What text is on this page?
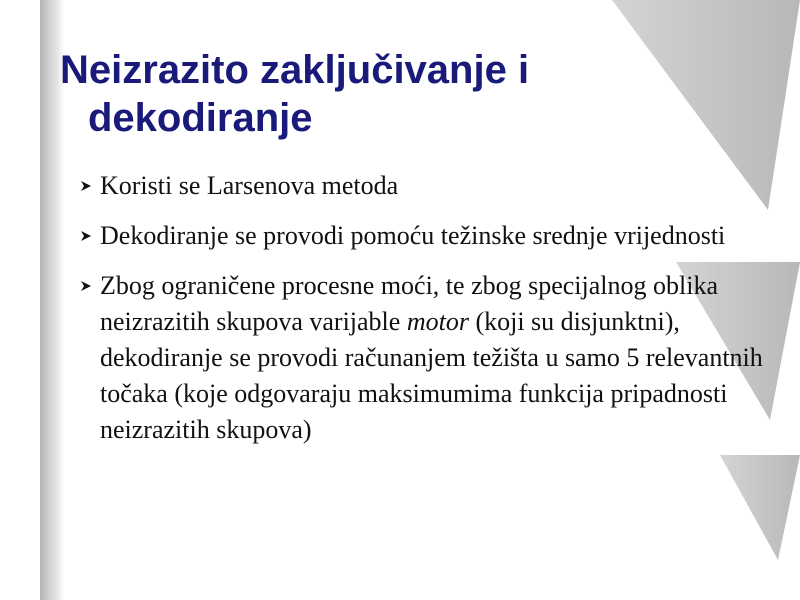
Neizrazito zaključivanje i
dekodiranje
Koristi se Larsenova metoda
Dekodiranje se provodi pomoću težinske srednje vrijednosti
Zbog ograničene procesne moći, te zbog specijalnog oblika neizrazitih skupova varijable motor (koji su disjunktni), dekodiranje se provodi računanjem težišta u samo 5 relevantnih točaka (koje odgovaraju maksimumima funkcija pripadnosti neizrazitih skupova)
